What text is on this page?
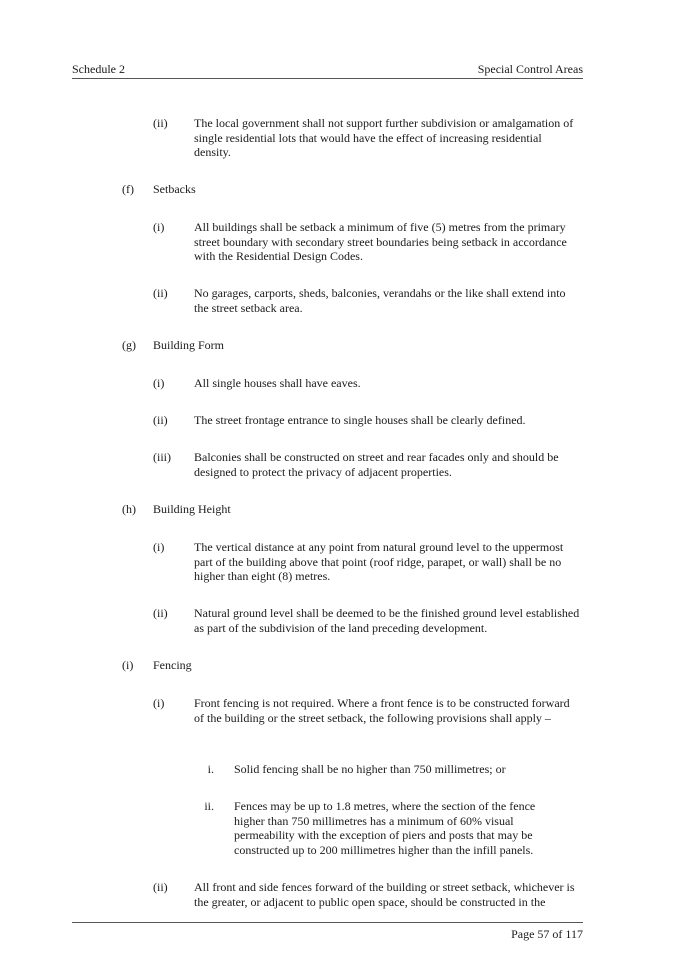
Schedule 2	Special Control Areas
(ii) The local government shall not support further subdivision or amalgamation of single residential lots that would have the effect of increasing residential density.
(f) Setbacks
(i) All buildings shall be setback a minimum of five (5) metres from the primary street boundary with secondary street boundaries being setback in accordance with the Residential Design Codes.
(ii) No garages, carports, sheds, balconies, verandahs or the like shall extend into the street setback area.
(g) Building Form
(i) All single houses shall have eaves.
(ii) The street frontage entrance to single houses shall be clearly defined.
(iii) Balconies shall be constructed on street and rear facades only and should be designed to protect the privacy of adjacent properties.
(h) Building Height
(i) The vertical distance at any point from natural ground level to the uppermost part of the building above that point (roof ridge, parapet, or wall) shall be no higher than eight (8) metres.
(ii) Natural ground level shall be deemed to be the finished ground level established as part of the subdivision of the land preceding development.
(i) Fencing
(i) Front fencing is not required. Where a front fence is to be constructed forward of the building or the street setback, the following provisions shall apply –
i. Solid fencing shall be no higher than 750 millimetres; or
ii. Fences may be up to 1.8 metres, where the section of the fence higher than 750 millimetres has a minimum of 60% visual permeability with the exception of piers and posts that may be constructed up to 200 millimetres higher than the infill panels.
(ii) All front and side fences forward of the building or street setback, whichever is the greater, or adjacent to public open space, should be constructed in the
Page 57 of 117
